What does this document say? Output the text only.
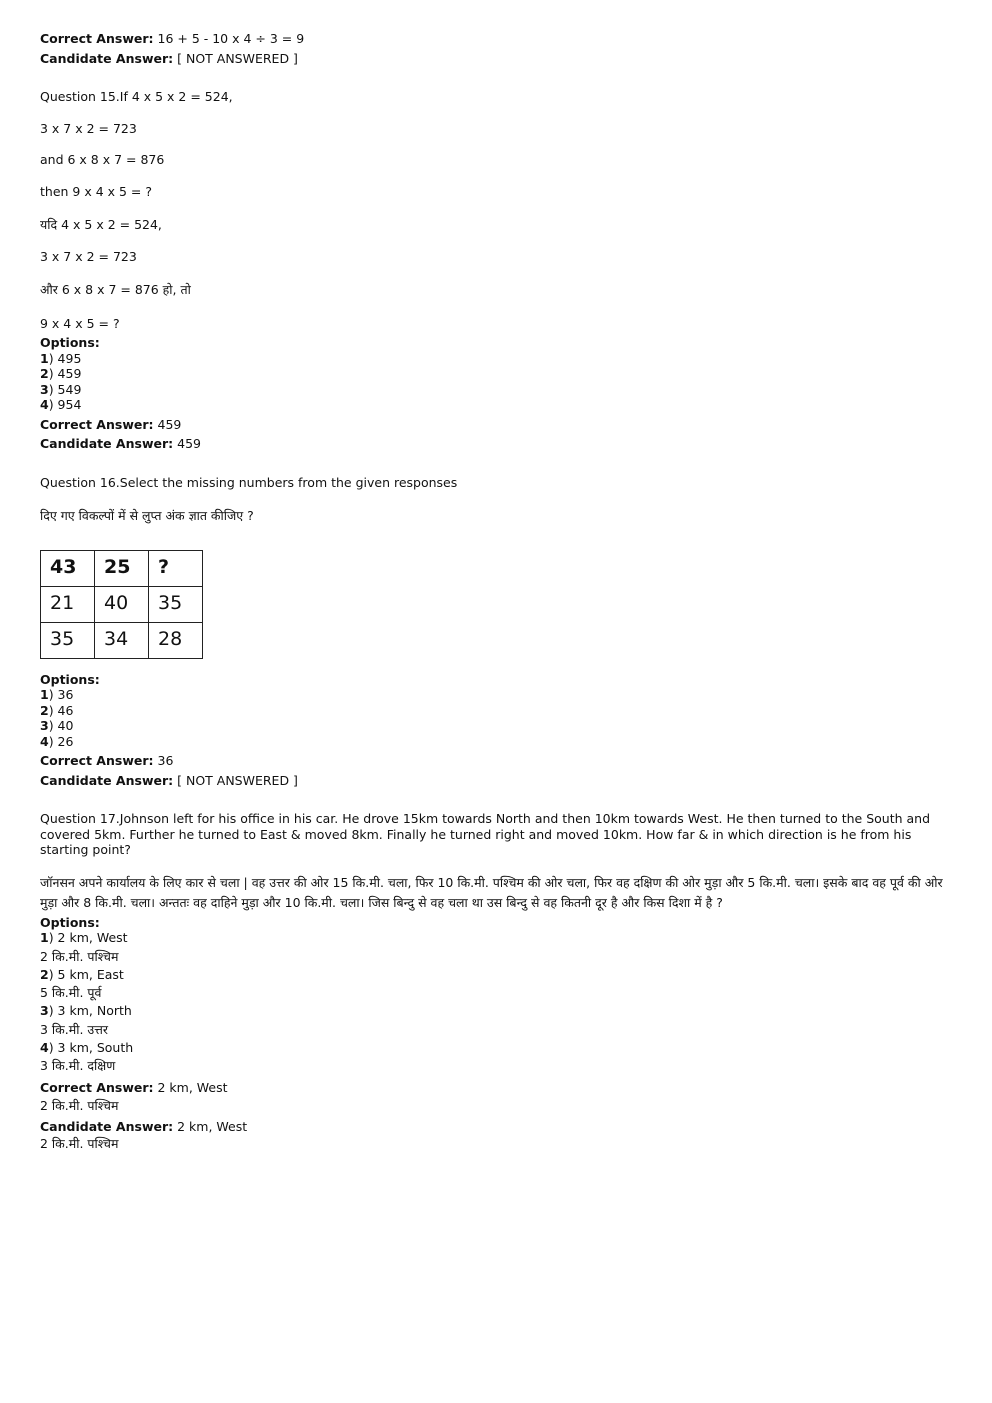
Correct Answer: 16 + 5 - 10 x 4 ÷ 3 = 9

Candidate Answer: [ NOT ANSWERED ]

Question 15.If 4 x 5 x 2 = 524,

3 x 7 x 2 = 723

and 6 x 8 x 7 = 876

then 9 x 4 x 5 = ?

यदि 4 x 5 x 2 = 524,

3 x 7 x 2 = 723

और 6 x 8 x 7 = 876 हो, तो

9 x 4 x 5 = ?

Options:

1) 495

2) 459

3) 549

4) 954

Correct Answer: 459

Candidate Answer: 459

Question 16.Select the missing numbers from the given responses

दिए गए विकल्पों में से लुप्त अंक ज्ञात कीजिए ?

43	25	?
21	40	35
35	34	28

Options:

1) 36

2) 46

3) 40

4) 26

Correct Answer: 36

Candidate Answer: [ NOT ANSWERED ]

Question 17.Johnson left for his office in his car. He drove 15km towards North and then 10km towards West. He then turned to the South and covered 5km. Further he turned to East & moved 8km. Finally he turned right and moved 10km. How far & in which direction is he from his starting point?

जॉनसन अपने कार्यालय के लिए कार से चला | वह उत्तर की ओर 15 कि.मी. चला, फिर 10 कि.मी. पश्चिम की ओर चला, फिर वह दक्षिण की ओर मुड़ा और 5 कि.मी. चला। इसके बाद वह पूर्व की ओर मुड़ा और 8 कि.मी. चला। अन्ततः वह दाहिने मुड़ा और 10 कि.मी. चला। जिस बिन्दु से वह चला था उस बिन्दु से वह कितनी दूर है और किस दिशा में है ?

Options:

1) 2 km, West

2 कि.मी. पश्चिम

2) 5 km, East

5 कि.मी. पूर्व

3) 3 km, North

3 कि.मी. उत्तर

4) 3 km, South

3 कि.मी. दक्षिण

Correct Answer: 2 km, West

2 कि.मी. पश्चिम

Candidate Answer: 2 km, West

2 कि.मी. पश्चिम
